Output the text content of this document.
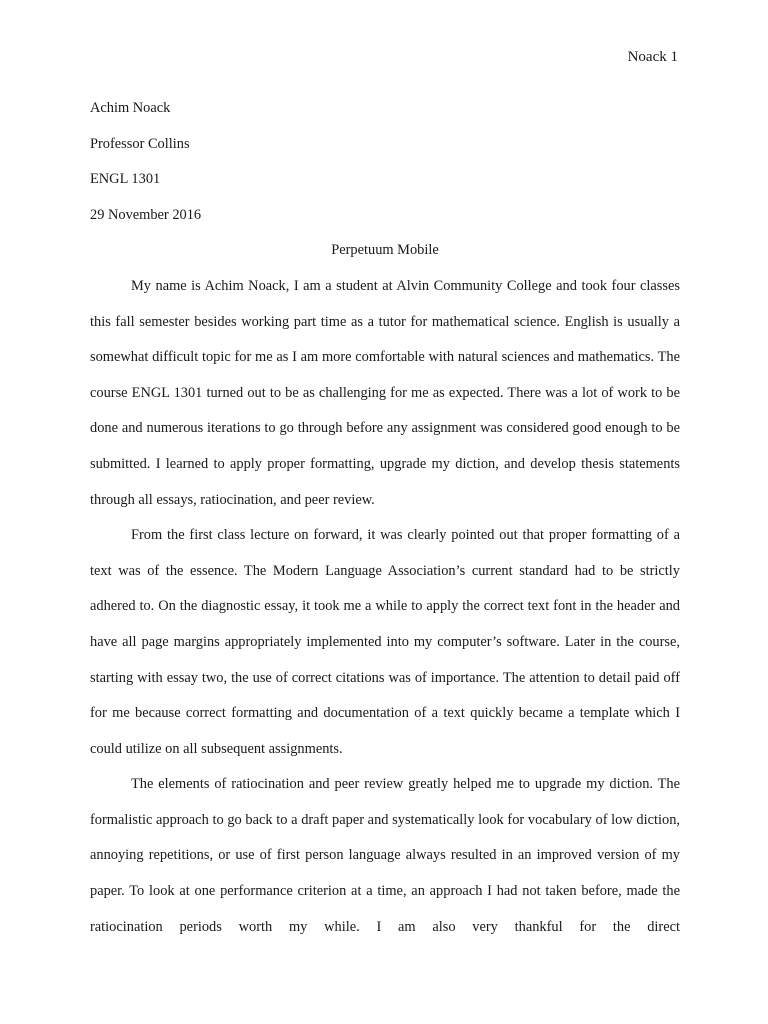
Noack 1
Achim Noack
Professor Collins
ENGL 1301
29 November 2016
Perpetuum Mobile

My name is Achim Noack, I am a student at Alvin Community College and took four classes this fall semester besides working part time as a tutor for mathematical science. English is usually a somewhat difficult topic for me as I am more comfortable with natural sciences and mathematics. The course ENGL 1301 turned out to be as challenging for me as expected. There was a lot of work to be done and numerous iterations to go through before any assignment was considered good enough to be submitted. I learned to apply proper formatting, upgrade my diction, and develop thesis statements through all essays, ratiocination, and peer review.

From the first class lecture on forward, it was clearly pointed out that proper formatting of a text was of the essence. The Modern Language Association’s current standard had to be strictly adhered to. On the diagnostic essay, it took me a while to apply the correct text font in the header and have all page margins appropriately implemented into my computer’s software. Later in the course, starting with essay two, the use of correct citations was of importance. The attention to detail paid off for me because correct formatting and documentation of a text quickly became a template which I could utilize on all subsequent assignments.

The elements of ratiocination and peer review greatly helped me to upgrade my diction. The formalistic approach to go back to a draft paper and systematically look for vocabulary of low diction, annoying repetitions, or use of first person language always resulted in an improved version of my paper. To look at one performance criterion at a time, an approach I had not taken before, made the ratiocination periods worth my while. I am also very thankful for the direct
